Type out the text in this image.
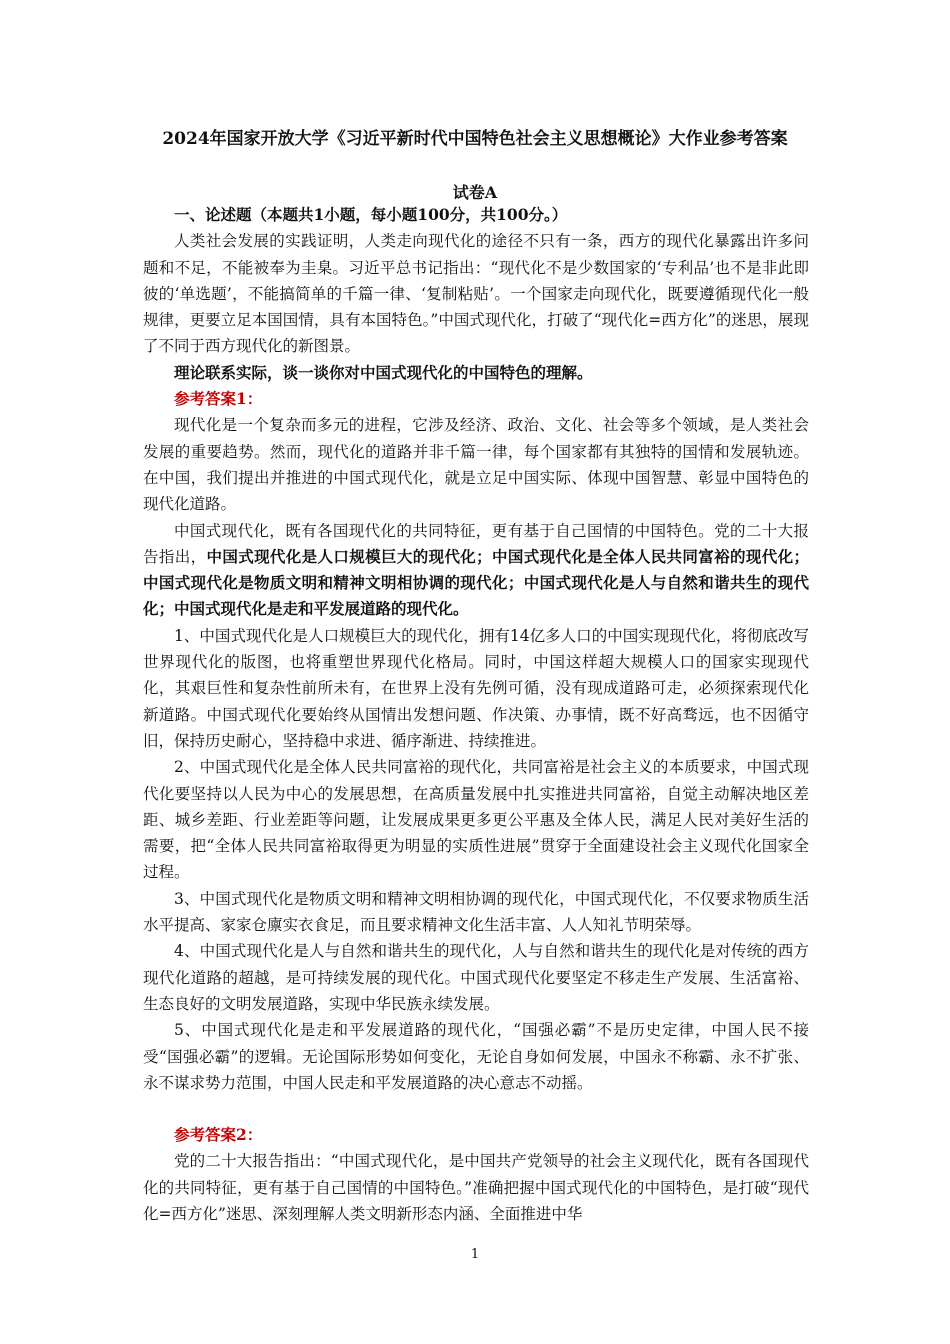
2024年国家开放大学《习近平新时代中国特色社会主义思想概论》大作业参考答案
试卷A

一、论述题（本题共1小题，每小题100分，共100分。）

人类社会发展的实践证明，人类走向现代化的途径不只有一条，西方的现代化暴露出许多问题和不足，不能被奉为圭臬。习近平总书记指出：“现代化不是少数国家的‘专利品’也不是非此即彼的‘单选题’，不能搞简单的千篇一律、‘复制粘贴’。一个国家走向现代化，既要遵循现代化一般规律，更要立足本国国情，具有本国特色。”中国式现代化，打破了“现代化=西方化”的迷思，展现了不同于西方现代化的新图景。

理论联系实际，谈一谈你对中国式现代化的中国特色的理解。

参考答案1：

现代化是一个复杂而多元的进程，它涉及经济、政治、文化、社会等多个领域，是人类社会发展的重要趋势。然而，现代化的道路并非千篇一律，每个国家都有其独特的国情和发展轨迹。在中国，我们提出并推进的中国式现代化，就是立足中国实际、体现中国智慧、彰显中国特色的现代化道路。

中国式现代化，既有各国现代化的共同特征，更有基于自己国情的中国特色。党的二十大报告指出，中国式现代化是人口规模巨大的现代化；中国式现代化是全体人民共同富裕的现代化；中国式现代化是物质文明和精神文明相协调的现代化；中国式现代化是人与自然和谐共生的现代化；中国式现代化是走和平发展道路的现代化。

1、中国式现代化是人口规模巨大的现代化，拥有14亿多人口的中国实现现代化，将彻底改写世界现代化的版图，也将重塑世界现代化格局。同时，中国这样超大规模人口的国家实现现代化，其艰巨性和复杂性前所未有，在世界上没有先例可循，没有现成道路可走，必须探索现代化新道路。中国式现代化要始终从国情出发想问题、作决策、办事情，既不好高骛远，也不因循守旧，保持历史耐心，坚持稳中求进、循序渐进、持续推进。

2、中国式现代化是全体人民共同富裕的现代化，共同富裕是社会主义的本质要求，中国式现代化要坚持以人民为中心的发展思想，在高质量发展中扎实推进共同富裕，自觉主动解决地区差距、城乡差距、行业差距等问题，让发展成果更多更公平惠及全体人民，满足人民对美好生活的需要，把“全体人民共同富裕取得更为明显的实质性进展”贯穿于全面建设社会主义现代化国家全过程。

3、中国式现代化是物质文明和精神文明相协调的现代化，中国式现代化，不仅要求物质生活水平提高、家家仓廪实衣食足，而且要求精神文化生活丰富、人人知礼节明荣辱。

4、中国式现代化是人与自然和谐共生的现代化，人与自然和谐共生的现代化是对传统的西方现代化道路的超越，是可持续发展的现代化。中国式现代化要坚定不移走生产发展、生活富裕、生态良好的文明发展道路，实现中华民族永续发展。

5、中国式现代化是走和平发展道路的现代化，“国强必霸”不是历史定律，中国人民不接受“国强必霸”的逻辑。无论国际形势如何变化，无论自身如何发展，中国永不称霸、永不扩张、永不谋求势力范围，中国人民走和平发展道路的决心意志不动摇。

参考答案2：

党的二十大报告指出：“中国式现代化，是中国共产党领导的社会主义现代化，既有各国现代化的共同特征，更有基于自己国情的中国特色。”准确把握中国式现代化的中国特色，是打破“现代化=西方化”迷思、深刻理解人类文明新形态内涵、全面推进中华

1
